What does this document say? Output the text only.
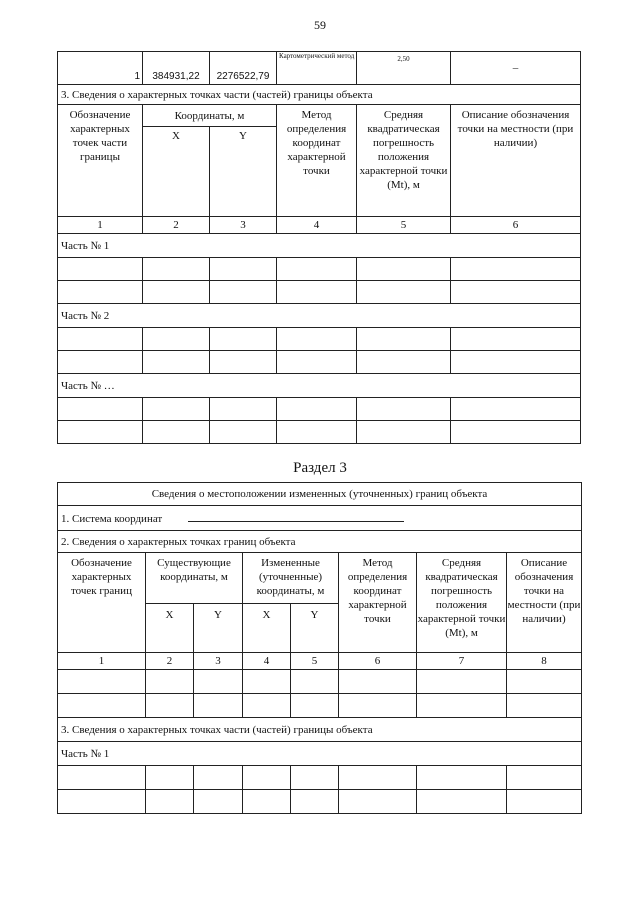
59
1	384931,22	2276522,79	Картометрический метод	2,50	–
3. Сведения о характерных точках части (частей) границы объекта					
Обозначение характерных точек части границы	Координаты, м		Метод определения координат характерной точки	Средняя квадратическая погрешность положения характерной точки (Mt), м	Описание обозначения точки на местности (при наличии)
	X	Y			
1	2	3	4	5	6
Часть № 1					

Часть № 2					

Часть № …					

Раздел 3
Сведения о местоположении измененных (уточненных) границ объекта							
1. Система координат							
2. Сведения о характерных точках границ объекта							
Обозначение характерных точек границ	Существующие координаты, м		Измененные (уточненные) координаты, м		Метод определения координат характерной точки	Средняя квадратическая погрешность положения характерной точки (Mt), м	Описание обозначения точки на местности (при наличии)
	X	Y	X	Y			
1	2	3	4	5	6	7	8

3. Сведения о характерных точках части (частей) границы объекта							
Часть № 1							
